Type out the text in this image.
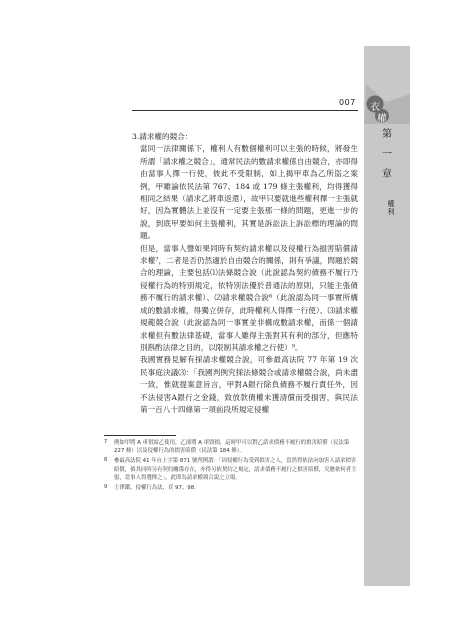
衣
權
007
第
一
章
權
利

3.請求權的競合：

當同一法律關係下，權利人有數個權利可以主張的時候，將發生所謂「請求權之競合」，通常民法的數請求權係自由競合，亦即得由當事人擇一行使，彼此不受限制，如上揭甲車為乙所盜之案例，甲雖論依民法第 767、184 或 179 條主張權利，均得獲得相同之結果（請求乙將車返還），故甲只要就進些權利擇一主張就好，因為實體法上並沒有一定要主張那一條的問題，更進一步的說，到底甲要如何主張權利，其實是訴訟法上訴訟標的理論的問題。

但是，當事人聲如果同時有契約請求權以及侵權行為損害賠償請求權⁷，二者是否仍然適於自由競合的關係，則有爭議，問題於競合的理論，主要包括⑴法條競合說（此說認為契約債務不履行乃侵權行為的特別規定，依特別法優於普通法的原則，只能主張債務不履行的請求權）、⑵請求權競合說⁸（此說認為同一事實所構成的數請求權，得獨立併存，此時權利人得擇一行使）、⑶請求權規範競合說（此說認為同一事實並非構成數請求權，而係一個請求權但有數法律基礎，當事人雖得主張對其有利的部分，但應特別斟酌法律之目的，以限制其請求權之行使）⁹。

我國實務見解有採請求權競合說，可參最高法院 77 年第 19 次民事庭決議⑶：「我國判例究採法條競合或請求權競合說，尚未盡一致，惟就提案意旨言，甲對A銀行除負債務不履行責任外，因不法侵害A銀行之金錢，致放款債權未獲清償而受損害，與民法第一百八十四條第一項前段所規定侵權

7 例如甲將 A 車借給乙使用，乙卻將 A 車毀損，這時甲可以對乙請求債務不履行的損害賠償（民法第 227 條）以及侵權行為的損害賠償（民法第 184 條）。

8 參最高法院 41 年台上字第 871 號判例謂：「因侵權行為受到損害之人，當然得依法向加害人請求損害賠償，倘其同時另有契約關係存在，亦得另依契約之規定，請求債務不履行之損害賠償，究應依何者主張，當事人得選擇之」，此即為請求權競合說之立場。

9 王澤鑑，侵權行為法，頁 97、98。
